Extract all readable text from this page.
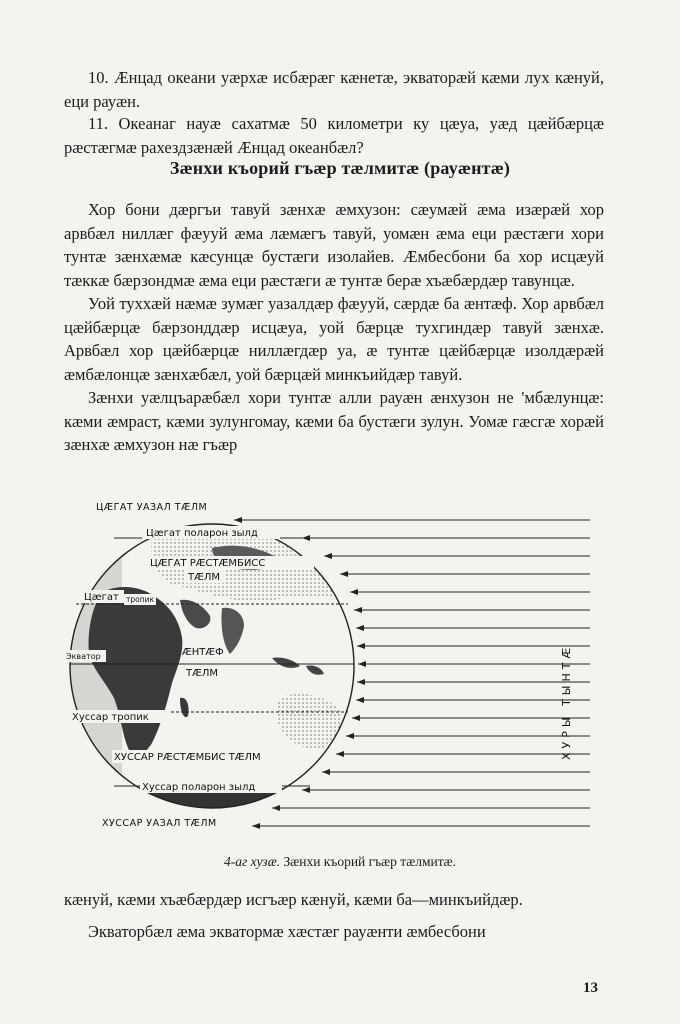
10. Ӕнцад океани уæрхæ исбæрæг кæнетæ, экваторæй кæми лух кæнуй, еци рауæн.

11. Океанаг науæ сахатмæ 50 километри ку цæуа, уæд цæйбæрцæ рæстæгмæ рахездзæнæй Ӕнцад океанбæл?

Зæнхи къорий гъæр тæлмитæ (рауæнтæ)

Хор бони дæргъи тавуй зæнхæ æмхузон: сæумæй æма изæрæй хор арвбæл ниллæг фæууй æма лæмæгъ тавуй, уомæн æма еци рæстæги хори тунтæ зæнхæмæ кæсунцæ бустæги изолайев. Ӕмбесбони ба хор исцæуй тæккæ бæрзондмæ æма еци рæстæги æ тунтæ берæ хъæбæрдæр тавунцæ.

Уой туххæй нæмæ зумæг уазалдæр фæууй, сæрдæ ба æнтæф. Хор арвбæл цæйбæрцæ бæрзонддæр исцæуа, уой бæрцæ тухгиндæр тавуй зæнхæ. Арвбæл хор цæйбæрцæ ниллæгдæр уа, æ тунтæ цæйбæрцæ изолдæрæй æмбæлонцæ зæнхæбæл, уой бæрцæй минкъийдæр тавуй.

Зæнхи уæлцъарæбæл хори тунтæ алли рауæн æнхузон не 'мбæлунцæ: кæми æмраст, кæми зулунгомау, кæми ба бустæги зулун. Уомæ гæсгæ хорæй зæнхæ æмхузон нæ гъæр

ЦӔГАТ УАЗАЛ ТӔЛМ
Цæгат поларон зылд
ЦӔГАТ РӔСТӔМБИСС
ТӔЛМ
Цæгат тропик
Экватор	ӔНТӔФ
ТӔЛМ
Хуссар тропик
ХУССАР РӔСТӔМБИС ТӔЛМ
Хуссар поларон зылд
ХУССАР УАЗАЛ ТӔЛМ
ХУРЫ ТЫНТӔ
4-аг хузæ. Зæнхи къорий гъæр тæлмитæ.

кæнуй, кæми хъæбæрдæр исгъæр кæнуй, кæми ба—минкъийдæр.

Экваторбæл æма экватормæ хæстæг рауæнти æмбесбони

13
